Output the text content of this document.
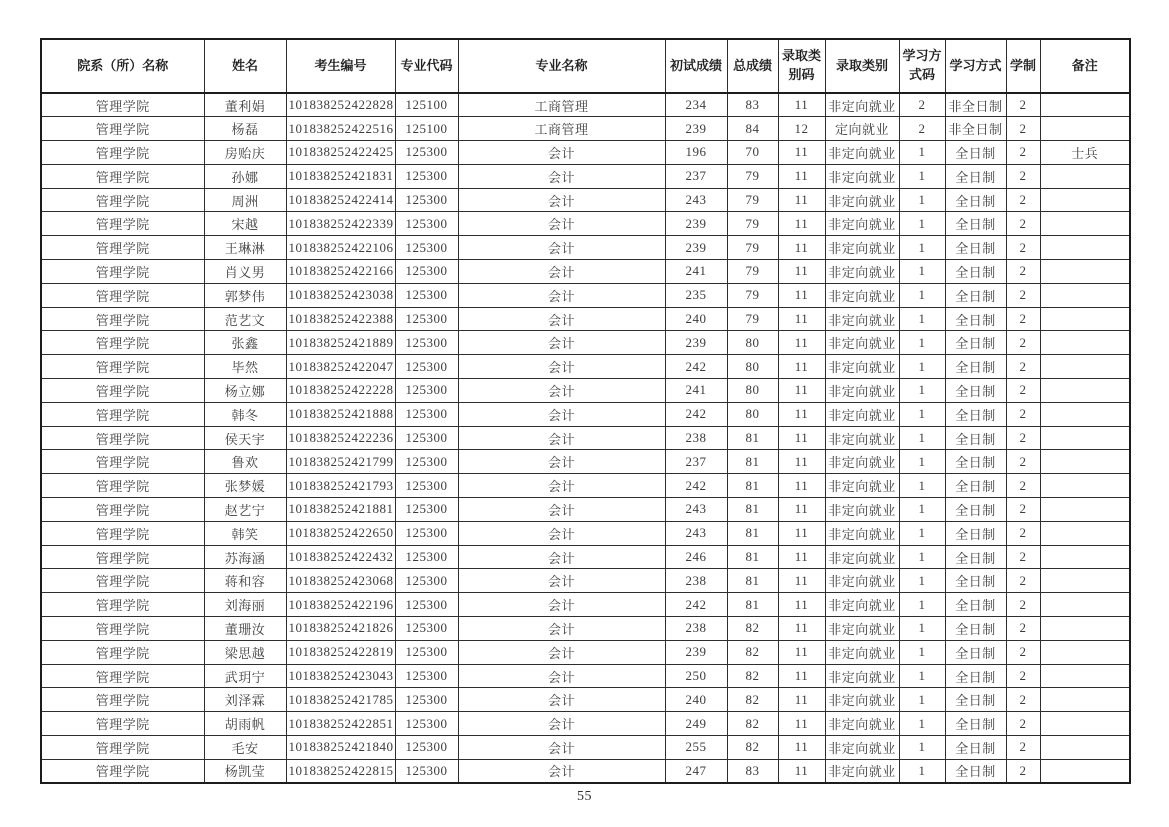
院系（所）名称	姓名	考生编号	专业代码	专业名称	初试成绩	总成绩	录取类别码	录取类别	学习方式码	学习方式	学制	备注
管理学院	董利娟	101838252422828	125100	工商管理	234	83	11	非定向就业	2	非全日制	2	
管理学院	杨磊	101838252422516	125100	工商管理	239	84	12	定向就业	2	非全日制	2	
管理学院	房贻庆	101838252422425	125300	会计	196	70	11	非定向就业	1	全日制	2	士兵
管理学院	孙娜	101838252421831	125300	会计	237	79	11	非定向就业	1	全日制	2	
管理学院	周洲	101838252422414	125300	会计	243	79	11	非定向就业	1	全日制	2	
管理学院	宋越	101838252422339	125300	会计	239	79	11	非定向就业	1	全日制	2	
管理学院	王琳淋	101838252422106	125300	会计	239	79	11	非定向就业	1	全日制	2	
管理学院	肖义男	101838252422166	125300	会计	241	79	11	非定向就业	1	全日制	2	
管理学院	郭梦伟	101838252423038	125300	会计	235	79	11	非定向就业	1	全日制	2	
管理学院	范艺文	101838252422388	125300	会计	240	79	11	非定向就业	1	全日制	2	
管理学院	张鑫	101838252421889	125300	会计	239	80	11	非定向就业	1	全日制	2	
管理学院	毕然	101838252422047	125300	会计	242	80	11	非定向就业	1	全日制	2	
管理学院	杨立娜	101838252422228	125300	会计	241	80	11	非定向就业	1	全日制	2	
管理学院	韩冬	101838252421888	125300	会计	242	80	11	非定向就业	1	全日制	2	
管理学院	侯天宇	101838252422236	125300	会计	238	81	11	非定向就业	1	全日制	2	
管理学院	鲁欢	101838252421799	125300	会计	237	81	11	非定向就业	1	全日制	2	
管理学院	张梦媛	101838252421793	125300	会计	242	81	11	非定向就业	1	全日制	2	
管理学院	赵艺宁	101838252421881	125300	会计	243	81	11	非定向就业	1	全日制	2	
管理学院	韩笑	101838252422650	125300	会计	243	81	11	非定向就业	1	全日制	2	
管理学院	苏海涵	101838252422432	125300	会计	246	81	11	非定向就业	1	全日制	2	
管理学院	蒋和容	101838252423068	125300	会计	238	81	11	非定向就业	1	全日制	2	
管理学院	刘海丽	101838252422196	125300	会计	242	81	11	非定向就业	1	全日制	2	
管理学院	董珊汝	101838252421826	125300	会计	238	82	11	非定向就业	1	全日制	2	
管理学院	梁思越	101838252422819	125300	会计	239	82	11	非定向就业	1	全日制	2	
管理学院	武玥宁	101838252423043	125300	会计	250	82	11	非定向就业	1	全日制	2	
管理学院	刘泽霖	101838252421785	125300	会计	240	82	11	非定向就业	1	全日制	2	
管理学院	胡雨帆	101838252422851	125300	会计	249	82	11	非定向就业	1	全日制	2	
管理学院	毛安	101838252421840	125300	会计	255	82	11	非定向就业	1	全日制	2	
管理学院	杨凯莹	101838252422815	125300	会计	247	83	11	非定向就业	1	全日制	2	
55
